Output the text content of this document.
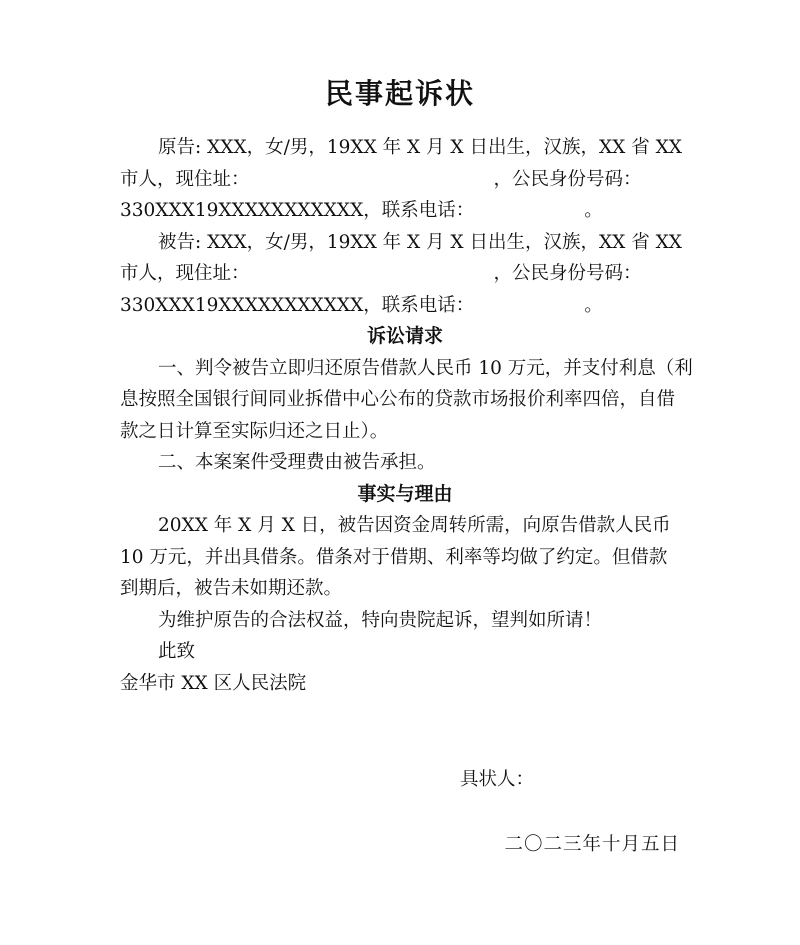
民事起诉状
原告: XXX，女/男，19XX 年 X 月 X 日出生，汉族，XX 省 XX
市人，现住址：	，公民身份号码：
330XXX19XXXXXXXXXXX，联系电话：	。
被告: XXX，女/男，19XX 年 X 月 X 日出生，汉族，XX 省 XX
市人，现住址：	，公民身份号码：
330XXX19XXXXXXXXXXX，联系电话：	。
诉讼请求
一、判令被告立即归还原告借款人民币 10 万元，并支付利息（利
息按照全国银行间同业拆借中心公布的贷款市场报价利率四倍，自借
款之日计算至实际归还之日止）。
二、本案案件受理费由被告承担。
事实与理由
20XX 年 X 月 X 日，被告因资金周转所需，向原告借款人民币
10 万元，并出具借条。借条对于借期、利率等均做了约定。但借款
到期后，被告未如期还款。
为维护原告的合法权益，特向贵院起诉，望判如所请！
此致
金华市 XX 区人民法院
具状人：
二〇二三年十月五日
